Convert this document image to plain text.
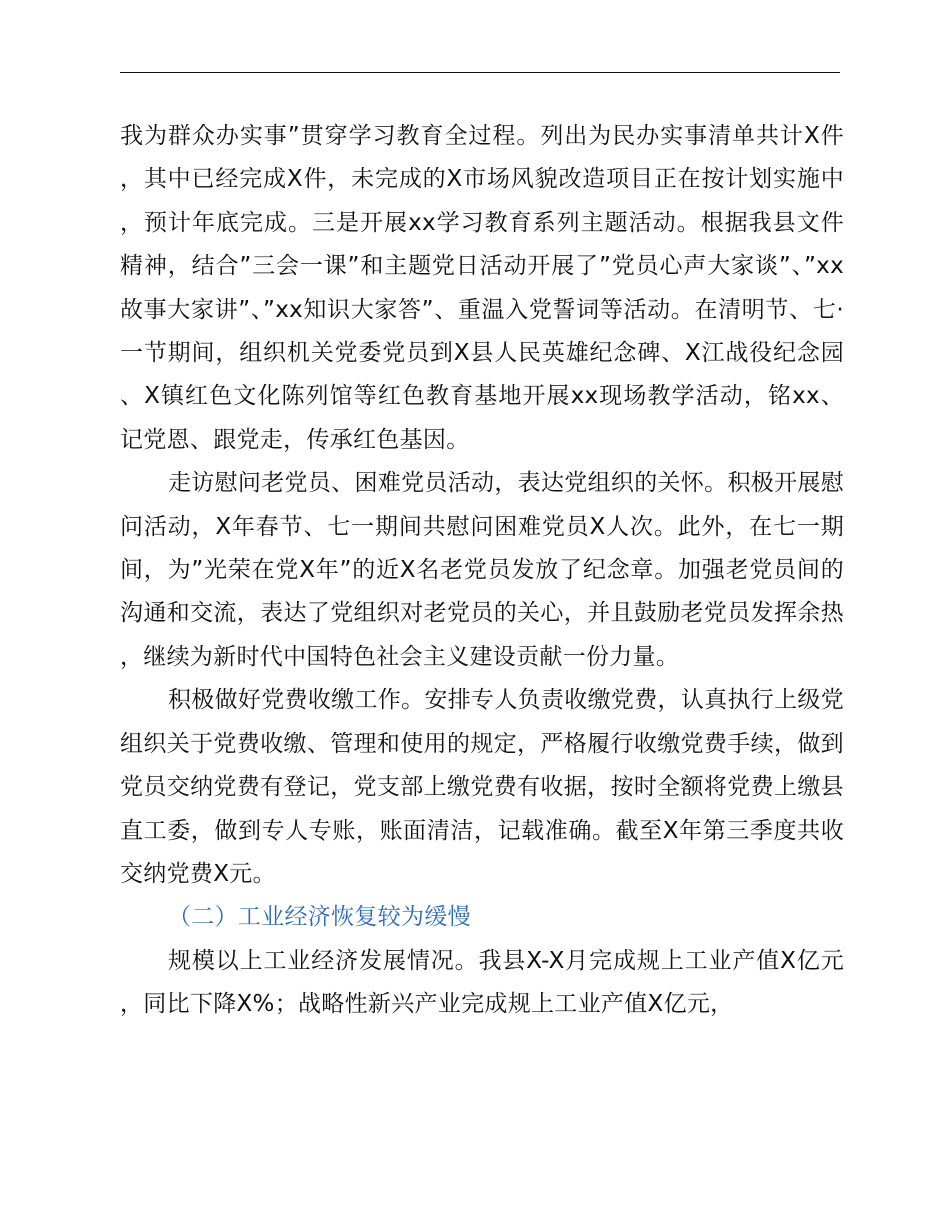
我为群众办实事”贯穿学习教育全过程。列出为民办实事清单共计X件，其中已经完成X件，未完成的X市场风貌改造项目正在按计划实施中，预计年底完成。三是开展xx学习教育系列主题活动。根据我县文件精神，结合”三会一课”和主题党日活动开展了”党员心声大家谈”、”xx故事大家讲”、”xx知识大家答”、重温入党誓词等活动。在清明节、七·一节期间，组织机关党委党员到X县人民英雄纪念碑、X江战役纪念园、X镇红色文化陈列馆等红色教育基地开展xx现场教学活动，铭xx、记党恩、跟党走，传承红色基因。

走访慰问老党员、困难党员活动，表达党组织的关怀。积极开展慰问活动，X年春节、七一期间共慰问困难党员X人次。此外，在七一期间，为”光荣在党X年”的近X名老党员发放了纪念章。加强老党员间的沟通和交流，表达了党组织对老党员的关心，并且鼓励老党员发挥余热，继续为新时代中国特色社会主义建设贡献一份力量。

积极做好党费收缴工作。安排专人负责收缴党费，认真执行上级党组织关于党费收缴、管理和使用的规定，严格履行收缴党费手续，做到党员交纳党费有登记，党支部上缴党费有收据，按时全额将党费上缴县直工委，做到专人专账，账面清洁，记载准确。截至X年第三季度共收交纳党费X元。

（二）工业经济恢复较为缓慢

规模以上工业经济发展情况。我县X-X月完成规上工业产值X亿元，同比下降X%；战略性新兴产业完成规上工业产值X亿元，
